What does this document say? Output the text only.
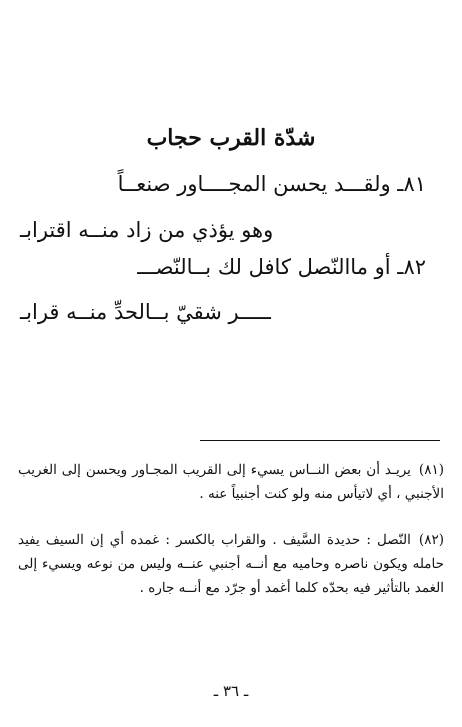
شدّة القرب حجاب
٨١ـ ولقـــد يحسن المجــــاور صنعــاً
وهو يؤذي من زاد منــه اقترابـ
٨٢ـ أو ماالنّصل كافل لك بــالنّصـــ
ـــــر شقيّ بــالحدِّ منــه قرابـ
(٨١)يريـد أن بعض النــاس يسيء إلى القريب المجـاور ويحسن إلى الغريب الأجنبي ، أي لاتيأس منه ولو كنت أجنبياً عنه .
(٨٢)النّصل : حديدة السَّيف . والقراب بالكسر : غمده أي إن السيف يفيد حامله ويكون ناصره وحاميه مع أنــه أجنبي عنــه وليس من نوعه ويسيء إلى الغمد بالتأثير فيه بحدّه كلما أغمد أو جرّد مع أنــه جاره .
ـ ٣٦ ـ
